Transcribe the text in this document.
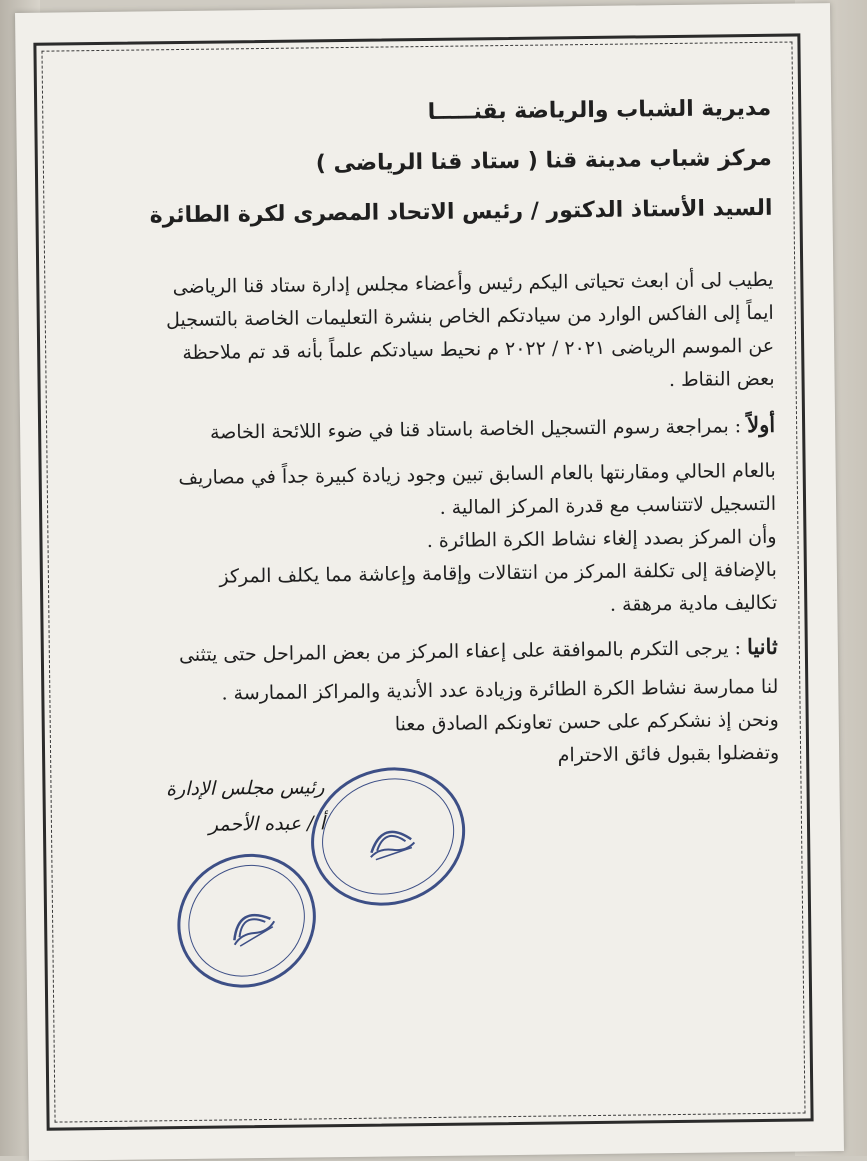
مديرية الشباب والرياضة بقنـــــا

مركز شباب مدينة قنا ( ستاد قنا الرياضى )

السيد الأستاذ الدكتور / رئيس الاتحاد المصرى لكرة الطائرة

يطيب لى أن ابعث تحياتى اليكم رئيس وأعضاء مجلس إدارة ستاد قنا الرياضى

ايماً إلى الفاكس الوارد من سيادتكم الخاص بنشرة التعليمات الخاصة بالتسجيل

عن الموسم الرياضى ٢٠٢١ / ٢٠٢٢ م نحيط سيادتكم علماً بأنه قد تم ملاحظة

بعض النقاط .

أولاً : بمراجعة رسوم التسجيل الخاصة باستاد قنا في ضوء اللائحة الخاصة

بالعام الحالي ومقارنتها بالعام السابق تبين وجود زيادة كبيرة جداً في مصاريف

التسجيل لاتتناسب مع قدرة المركز المالية .

وأن المركز بصدد إلغاء نشاط الكرة الطائرة .

بالإضافة إلى تكلفة المركز من انتقالات وإقامة وإعاشة مما يكلف المركز

تكاليف مادية مرهقة .

ثانيا : يرجى التكرم بالموافقة على إعفاء المركز من بعض المراحل حتى يتثنى

لنا ممارسة نشاط الكرة الطائرة وزيادة عدد الأندية والمراكز الممارسة .

ونحن إذ نشكركم على حسن تعاونكم الصادق معنا

وتفضلوا بقبول فائق الاحترام

رئيس مجلس الإدارة
أ / عبده الأحمر
